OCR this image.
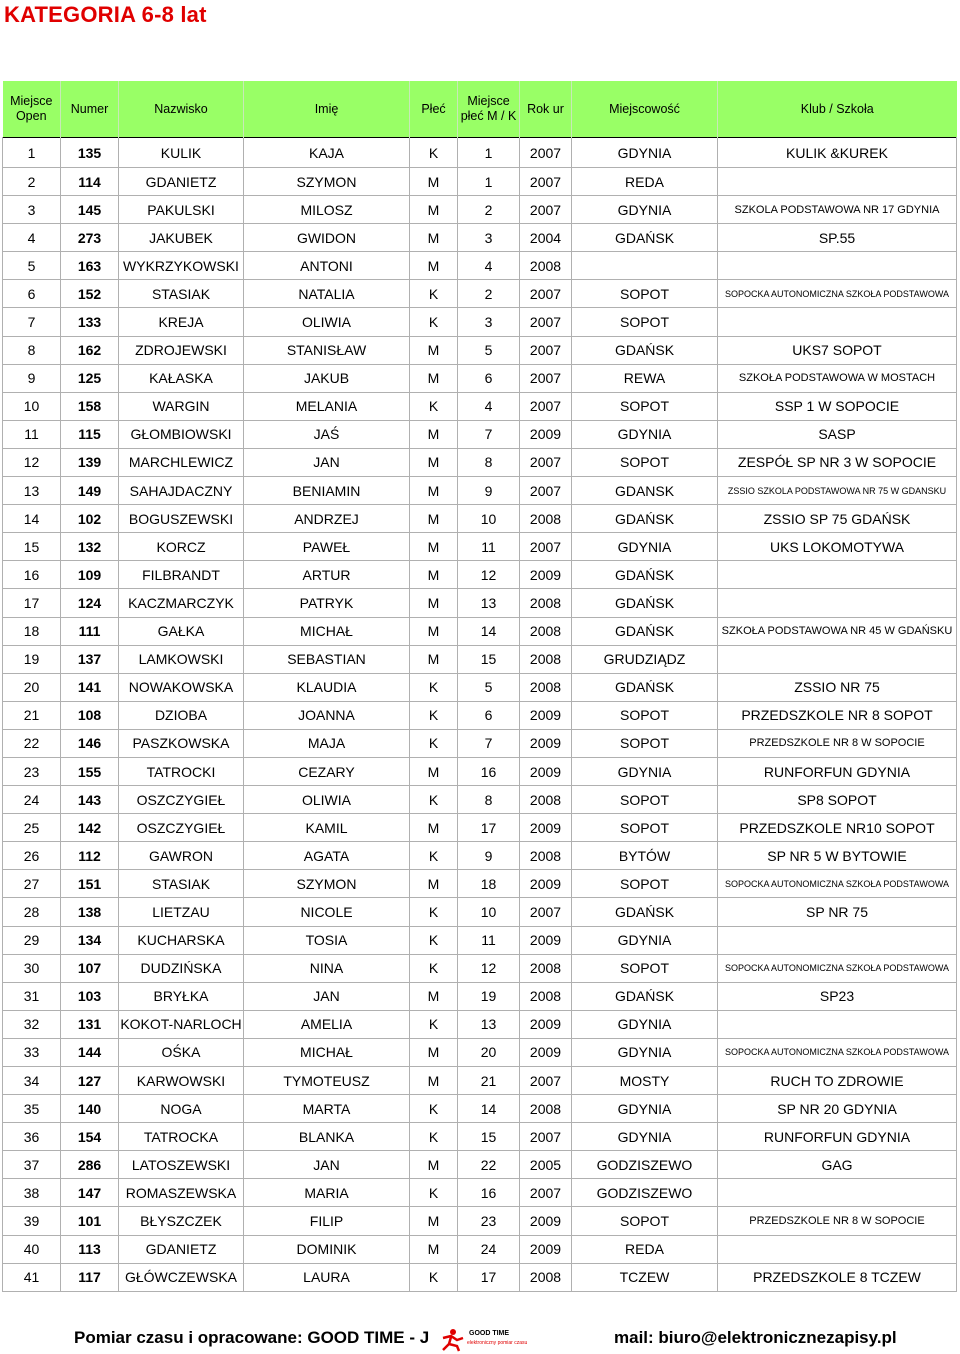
KATEGORIA 6-8 lat
Miejsce Open	Numer	Nazwisko	Imię	Płeć	Miejsce płeć M / K	Rok ur	Miejscowość	Klub / Szkoła
1	135	KULIK	KAJA	K	1	2007	GDYNIA	KULIK &KUREK
2	114	GDANIETZ	SZYMON	M	1	2007	REDA	
3	145	PAKULSKI	MILOSZ	M	2	2007	GDYNIA	SZKOLA PODSTAWOWA NR 17 GDYNIA
4	273	JAKUBEK	GWIDON	M	3	2004	GDAŃSK	SP.55
5	163	WYKRZYKOWSKI	ANTONI	M	4	2008		
6	152	STASIAK	NATALIA	K	2	2007	SOPOT	SOPOCKA AUTONOMICZNA SZKOŁA PODSTAWOWA
7	133	KREJA	OLIWIA	K	3	2007	SOPOT	
8	162	ZDROJEWSKI	STANISŁAW	M	5	2007	GDAŃSK	UKS7 SOPOT
9	125	KAŁASKA	JAKUB	M	6	2007	REWA	SZKOŁA PODSTAWOWA W MOSTACH
10	158	WARGIN	MELANIA	K	4	2007	SOPOT	SSP 1 W SOPOCIE
11	115	GŁOMBIOWSKI	JAŚ	M	7	2009	GDYNIA	SASP
12	139	MARCHLEWICZ	JAN	M	8	2007	SOPOT	ZESPÓŁ SP NR 3 W SOPOCIE
13	149	SAHAJDACZNY	BENIAMIN	M	9	2007	GDANSK	ZSSIO SZKOLA PODSTAWOWA NR 75 W GDANSKU
14	102	BOGUSZEWSKI	ANDRZEJ	M	10	2008	GDAŃSK	ZSSIO SP 75 GDAŃSK
15	132	KORCZ	PAWEŁ	M	11	2007	GDYNIA	UKS LOKOMOTYWA
16	109	FILBRANDT	ARTUR	M	12	2009	GDAŃSK	
17	124	KACZMARCZYK	PATRYK	M	13	2008	GDAŃSK	
18	111	GAŁKA	MICHAŁ	M	14	2008	GDAŃSK	SZKOŁA PODSTAWOWA NR 45 W GDAŃSKU
19	137	LAMKOWSKI	SEBASTIAN	M	15	2008	GRUDZIĄDZ	
20	141	NOWAKOWSKA	KLAUDIA	K	5	2008	GDAŃSK	ZSSIO NR 75
21	108	DZIOBA	JOANNA	K	6	2009	SOPOT	PRZEDSZKOLE NR 8 SOPOT
22	146	PASZKOWSKA	MAJA	K	7	2009	SOPOT	PRZEDSZKOLE NR 8 W SOPOCIE
23	155	TATROCKI	CEZARY	M	16	2009	GDYNIA	RUNFORFUN GDYNIA
24	143	OSZCZYGIEŁ	OLIWIA	K	8	2008	SOPOT	SP8 SOPOT
25	142	OSZCZYGIEŁ	KAMIL	M	17	2009	SOPOT	PRZEDSZKOLE NR10 SOPOT
26	112	GAWRON	AGATA	K	9	2008	BYTÓW	SP NR 5 W BYTOWIE
27	151	STASIAK	SZYMON	M	18	2009	SOPOT	SOPOCKA AUTONOMICZNA SZKOŁA PODSTAWOWA
28	138	LIETZAU	NICOLE	K	10	2007	GDAŃSK	SP NR 75
29	134	KUCHARSKA	TOSIA	K	11	2009	GDYNIA	
30	107	DUDZIŃSKA	NINA	K	12	2008	SOPOT	SOPOCKA AUTONOMICZNA SZKOŁA PODSTAWOWA
31	103	BRYŁKA	JAN	M	19	2008	GDAŃSK	SP23
32	131	KOKOT-NARLOCH	AMELIA	K	13	2009	GDYNIA	
33	144	OŚKA	MICHAŁ	M	20	2009	GDYNIA	SOPOCKA AUTONOMICZNA SZKOŁA PODSTAWOWA
34	127	KARWOWSKI	TYMOTEUSZ	M	21	2007	MOSTY	RUCH TO ZDROWIE
35	140	NOGA	MARTA	K	14	2008	GDYNIA	SP NR 20 GDYNIA
36	154	TATROCKA	BLANKA	K	15	2007	GDYNIA	RUNFORFUN GDYNIA
37	286	LATOSZEWSKI	JAN	M	22	2005	GODZISZEWO	GAG
38	147	ROMASZEWSKA	MARIA	K	16	2007	GODZISZEWO	
39	101	BŁYSZCZEK	FILIP	M	23	2009	SOPOT	PRZEDSZKOLE NR 8 W SOPOCIE
40	113	GDANIETZ	DOMINIK	M	24	2009	REDA	
41	117	GŁÓWCZEWSKA	LAURA	K	17	2008	TCZEW	PRZEDSZKOLE 8 TCZEW
Pomiar czasu i opracowane: GOOD TIME - J	GOOD TIME
elektroniczny pomiar czasu	mail: biuro@elektronicznezapisy.pl
